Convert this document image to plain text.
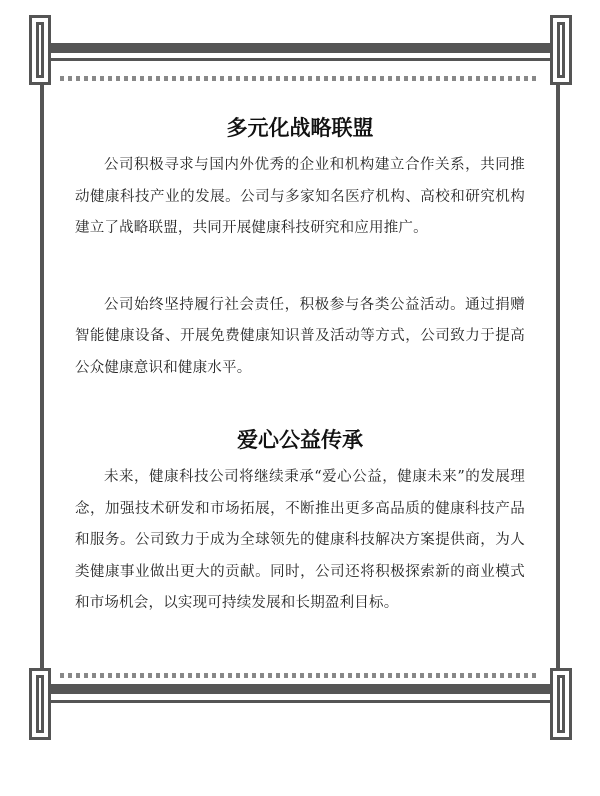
多元化战略联盟

公司积极寻求与国内外优秀的企业和机构建立合作关系，共同推动健康科技产业的发展。公司与多家知名医疗机构、高校和研究机构建立了战略联盟，共同开展健康科技研究和应用推广。

公司始终坚持履行社会责任，积极参与各类公益活动。通过捐赠智能健康设备、开展免费健康知识普及活动等方式，公司致力于提高公众健康意识和健康水平。

爱心公益传承

未来，健康科技公司将继续秉承“爱心公益，健康未来”的发展理念，加强技术研发和市场拓展，不断推出更多高品质的健康科技产品和服务。公司致力于成为全球领先的健康科技解决方案提供商，为人类健康事业做出更大的贡献。同时，公司还将积极探索新的商业模式和市场机会，以实现可持续发展和长期盈利目标。
